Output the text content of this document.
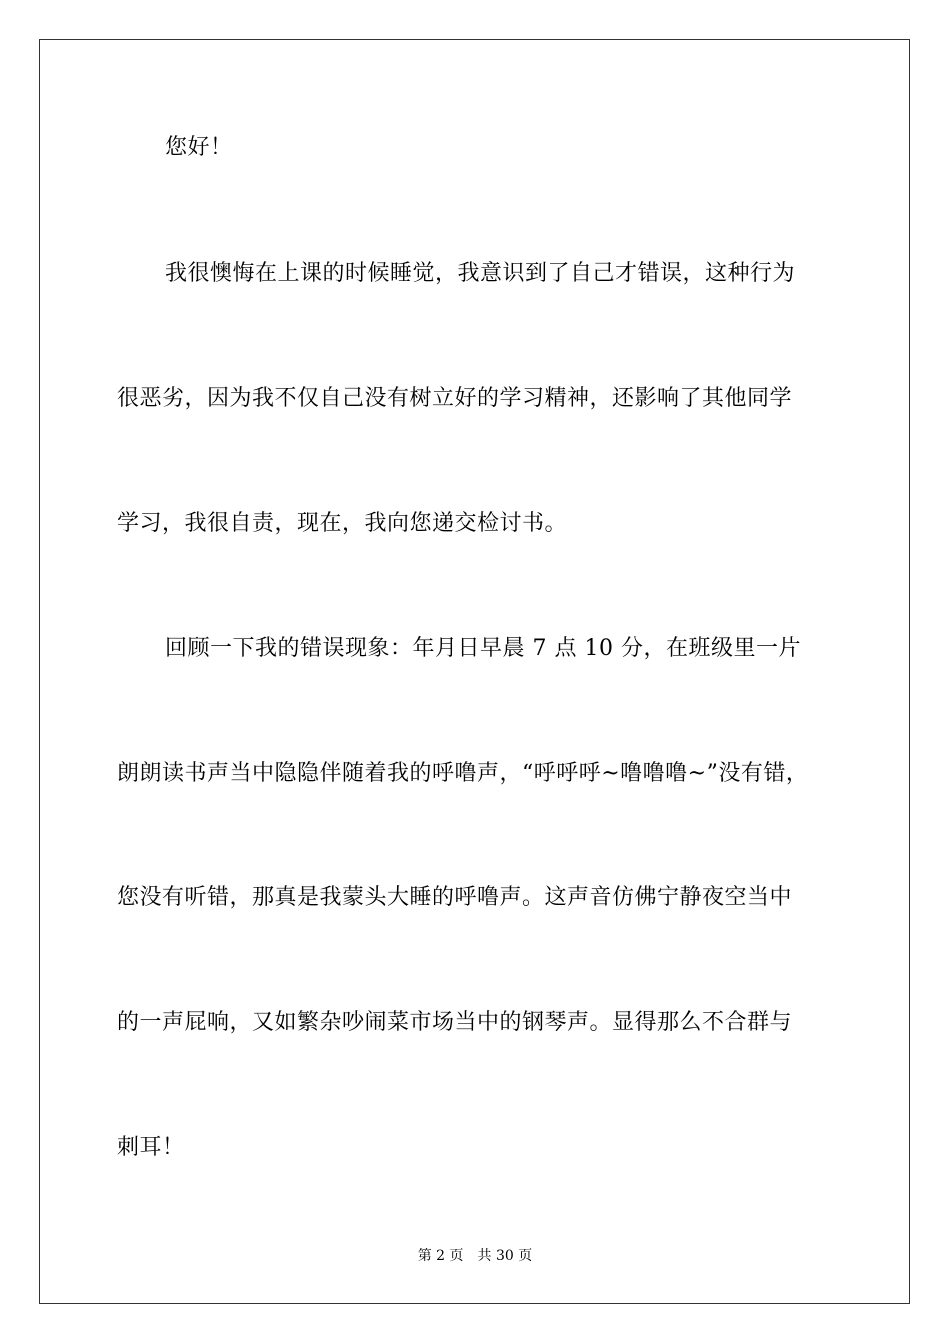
您好！
我很懊悔在上课的时候睡觉，我意识到了自己才错误，这种行为
很恶劣，因为我不仅自己没有树立好的学习精神，还影响了其他同学
学习，我很自责，现在，我向您递交检讨书。
回顾一下我的错误现象：年月日早晨 7 点 10 分，在班级里一片
朗朗读书声当中隐隐伴随着我的呼噜声，“呼呼呼~噜噜噜~”没有错，
您没有听错，那真是我蒙头大睡的呼噜声。这声音仿佛宁静夜空当中
的一声屁响，又如繁杂吵闹菜市场当中的钢琴声。显得那么不合群与
刺耳！
第 2 页　共 30 页
